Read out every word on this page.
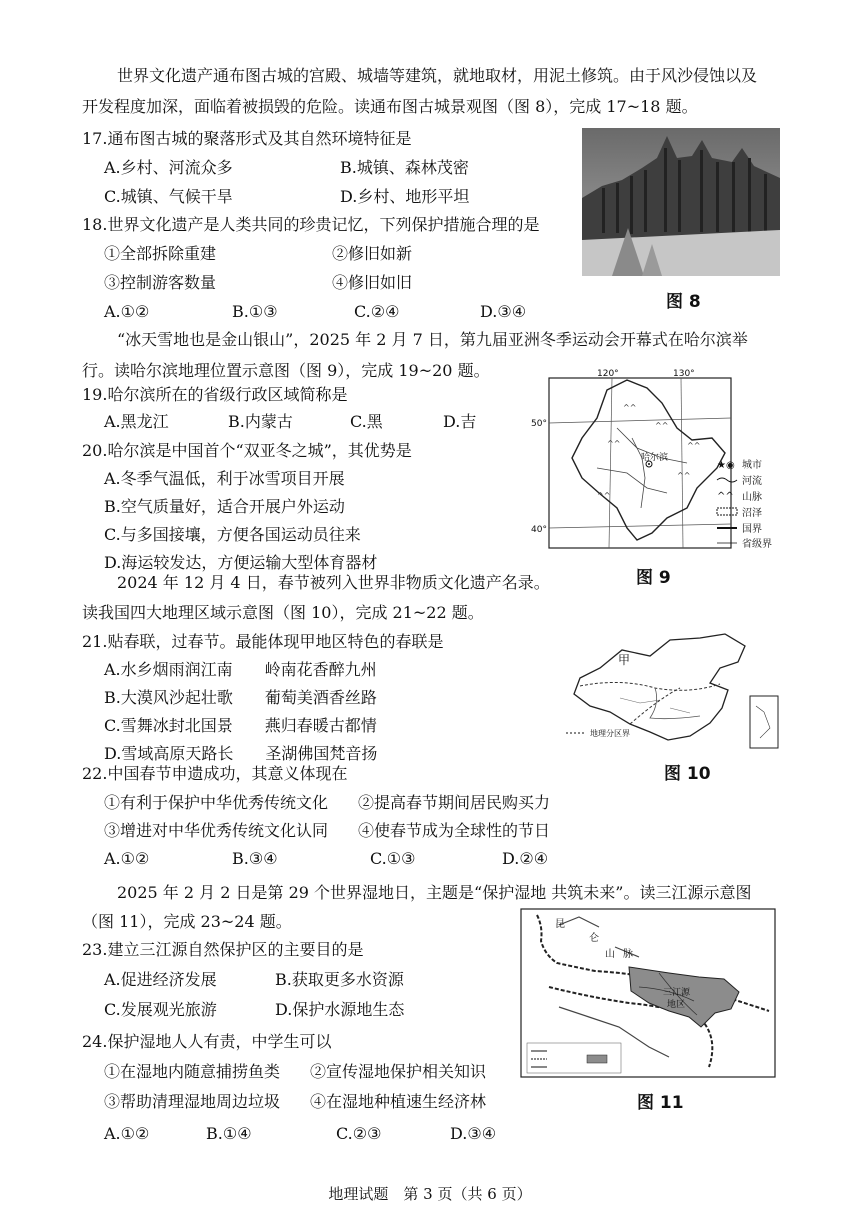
世界文化遗产通布图古城的宫殿、城墙等建筑，就地取材，用泥土修筑。由于风沙侵蚀以及
开发程度加深，面临着被损毁的危险。读通布图古城景观图（图 8），完成 17~18 题。
17.通布图古城的聚落形式及其自然环境特征是
A.乡村、河流众多	B.城镇、森林茂密
C.城镇、气候干旱	D.乡村、地形平坦
18.世界文化遗产是人类共同的珍贵记忆，下列保护措施合理的是
①全部拆除重建	②修旧如新
③控制游客数量	④修旧如旧
A.①②	B.①③	C.②④	D.③④	图 8
“冰天雪地也是金山银山”，2025 年 2 月 7 日，第九届亚洲冬季运动会开幕式在哈尔滨举
行。读哈尔滨地理位置示意图（图 9），完成 19~20 题。
19.哈尔滨所在的省级行政区域简称是
A.黑龙江	B.内蒙古	C.黑	D.吉
20.哈尔滨是中国首个“双亚冬之城”，其优势是
A.冬季气温低，利于冰雪项目开展
B.空气质量好，适合开展户外运动
C.与多国接壤，方便各国运动员往来
D.海运较发达，方便运输大型体育器材
^^
^^
^^
^^
^^
^^
哈尔滨
120°	130°
50°
40°
★◉ 城市
河流
^^ 山脉
沼泽
国界
省级界
图 9
2024 年 12 月 4 日，春节被列入世界非物质文化遗产名录。
读我国四大地理区域示意图（图 10），完成 21~22 题。
21.贴春联，过春节。最能体现甲地区特色的春联是
A.水乡烟雨润江南　　岭南花香醉九州
B.大漠风沙起壮歌　　葡萄美酒香丝路
C.雪舞冰封北国景　　燕归春暖古都情
D.雪域高原天路长　　圣湖佛国梵音扬
甲
地理分区界
图 10
22.中国春节申遗成功，其意义体现在
①有利于保护中华优秀传统文化 ②提高春节期间居民购买力
③增进对中华优秀传统文化认同 ④使春节成为全球性的节日
A.①②	B.③④	C.①③	D.②④
2025 年 2 月 2 日是第 29 个世界湿地日，主题是“保护湿地 共筑未来”。读三江源示意图
（图 11），完成 23~24 题。
23.建立三江源自然保护区的主要目的是
A.促进经济发展	B.获取更多水资源
C.发展观光旅游	D.保护水源地生态
三江源
地区
昆
仑
山 脉
图 11
24.保护湿地人人有责，中学生可以
①在湿地内随意捕捞鱼类 ②宣传湿地保护相关知识
③帮助清理湿地周边垃圾 ④在湿地种植速生经济林
A.①②	B.①④	C.②③	D.③④
地理试题　第 3 页（共 6 页）
